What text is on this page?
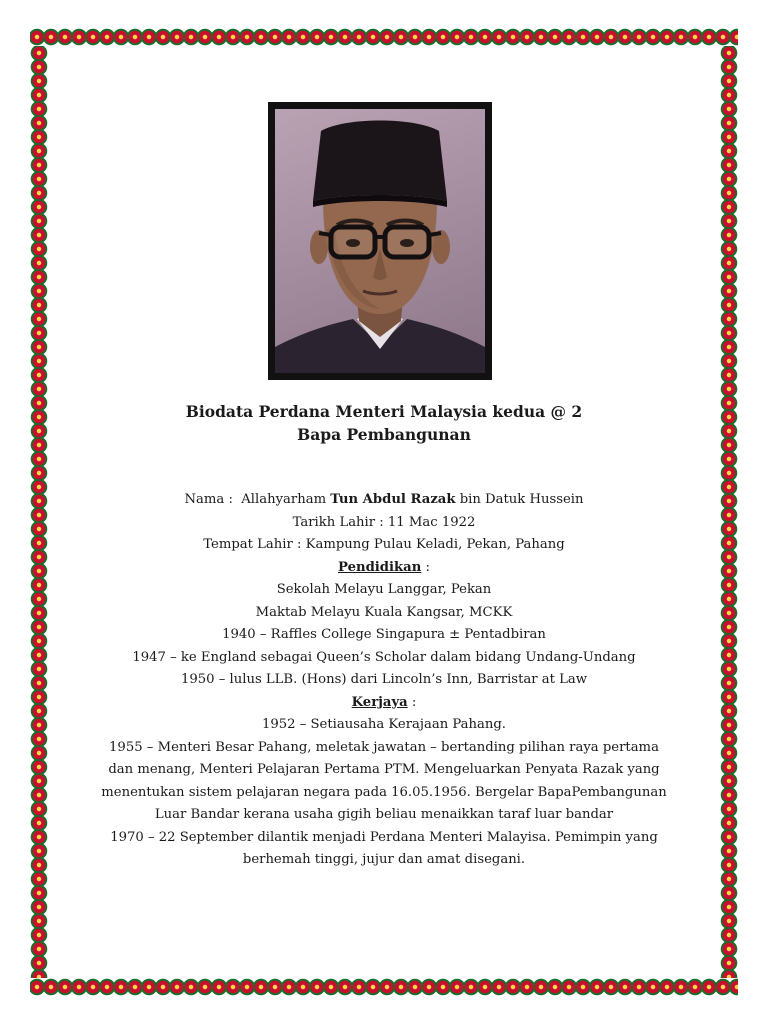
Biodata Perdana Menteri Malaysia kedua @ 2
Bapa Pembangunan
Nama : Allahyarham Tun Abdul Razak bin Datuk Hussein
Tarikh Lahir : 11 Mac 1922
Tempat Lahir : Kampung Pulau Keladi, Pekan, Pahang
Pendidikan :
Sekolah Melayu Langgar, Pekan
Maktab Melayu Kuala Kangsar, MCKK
1940 – Raffles College Singapura ± Pentadbiran
1947 – ke England sebagai Queen’s Scholar dalam bidang Undang-Undang
1950 – lulus LLB. (Hons) dari Lincoln’s Inn, Barristar at Law
Kerjaya :
1952 – Setiausaha Kerajaan Pahang.
1955 – Menteri Besar Pahang, meletak jawatan – bertanding pilihan raya pertama
dan menang, Menteri Pelajaran Pertama PTM. Mengeluarkan Penyata Razak yang
menentukan sistem pelajaran negara pada 16.05.1956. Bergelar BapaPembangunan
Luar Bandar kerana usaha gigih beliau menaikkan taraf luar bandar
1970 – 22 September dilantik menjadi Perdana Menteri Malayisa. Pemimpin yang
berhemah tinggi, jujur dan amat disegani.
